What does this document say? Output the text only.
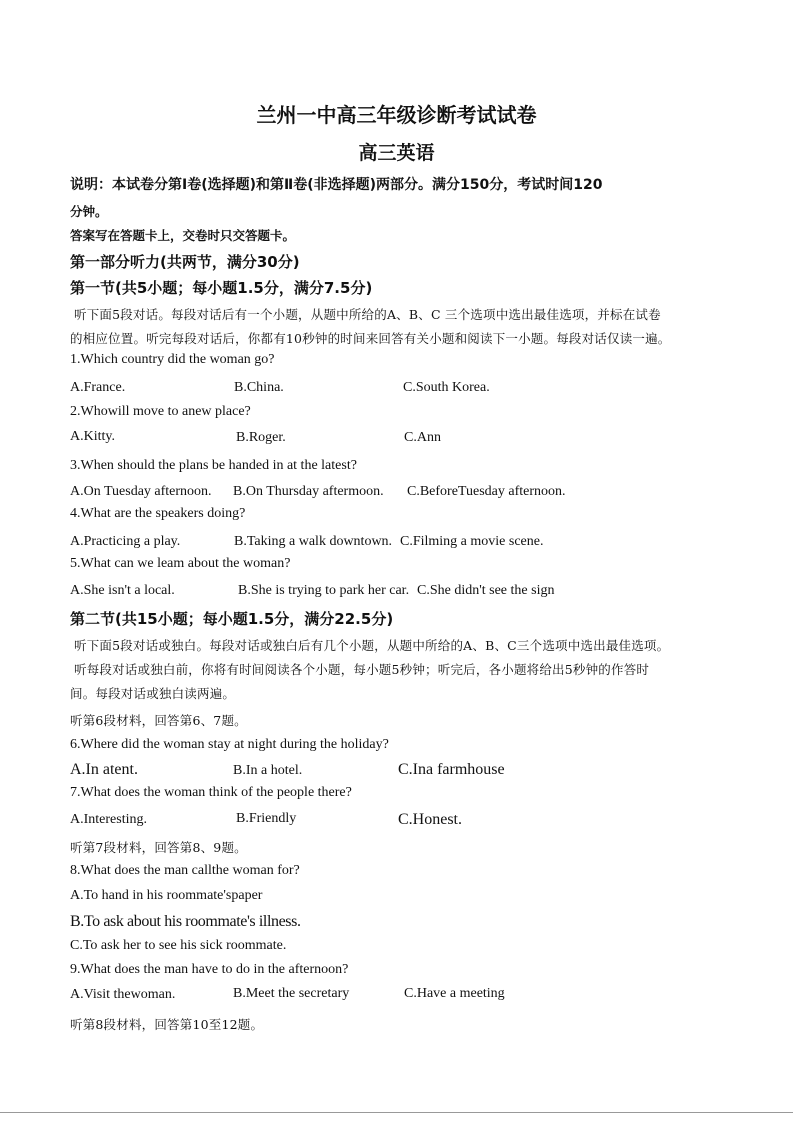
兰州一中高三年级诊断考试试卷
高三英语
说明：本试卷分第Ⅰ卷(选择题)和第Ⅱ卷(非选择题)两部分。满分150分，考试时间120
分钟。
答案写在答题卡上，交卷时只交答题卡。
第一部分听力(共两节，满分30分)
第一节(共5小题；每小题1.5分，满分7.5分)
听下面5段对话。每段对话后有一个小题，从题中所给的A、B、C 三个选项中选出最佳选项，并标在试卷
的相应位置。听完每段对话后，你都有10秒钟的时间来回答有关小题和阅读下一小题。每段对话仅读一遍。
1.Which country did the woman go?
A.France.	B.China.	C.South Korea.
2.Whowill move to anew place?
A.Kitty.	B.Roger.	C.Ann
3.When should the plans be handed in at the latest?
A.On Tuesday afternoon. B.On Thursday aftermoon. C.BeforeTuesday afternoon.
4.What are the speakers doing?
A.Practicing a play.	B.Taking a walk downtown. C.Filming a movie scene.
5.What can we leam about the woman?
A.She isn't a local.	B.She is trying to park her car. C.She didn't see the sign
第二节(共15小题；每小题1.5分，满分22.5分)
听下面5段对话或独白。每段对话或独白后有几个小题，从题中所给的A、B、C三个选项中选出最佳选项。
听每段对话或独白前，你将有时间阅读各个小题，每小题5秒钟；听完后，各小题将给出5秒钟的作答时
间。每段对话或独白读两遍。
听第6段材料，回答第6、7题。
6.Where did the woman stay at night during the holiday?
A.In atent.	B.In a hotel.	C.Ina farmhouse
7.What does the woman think of the people there?
A.Interesting.	B.Friendly	C.Honest.
听第7段材料，回答第8、9题。
8.What does the man callthe woman for?
A.To hand in his roommate'spaper
B.To ask about his roommate's illness.
C.To ask her to see his sick roommate.
9.What does the man have to do in the afternoon?
A.Visit thewoman.	B.Meet the secretary	C.Have a meeting
听第8段材料，回答第10至12题。
